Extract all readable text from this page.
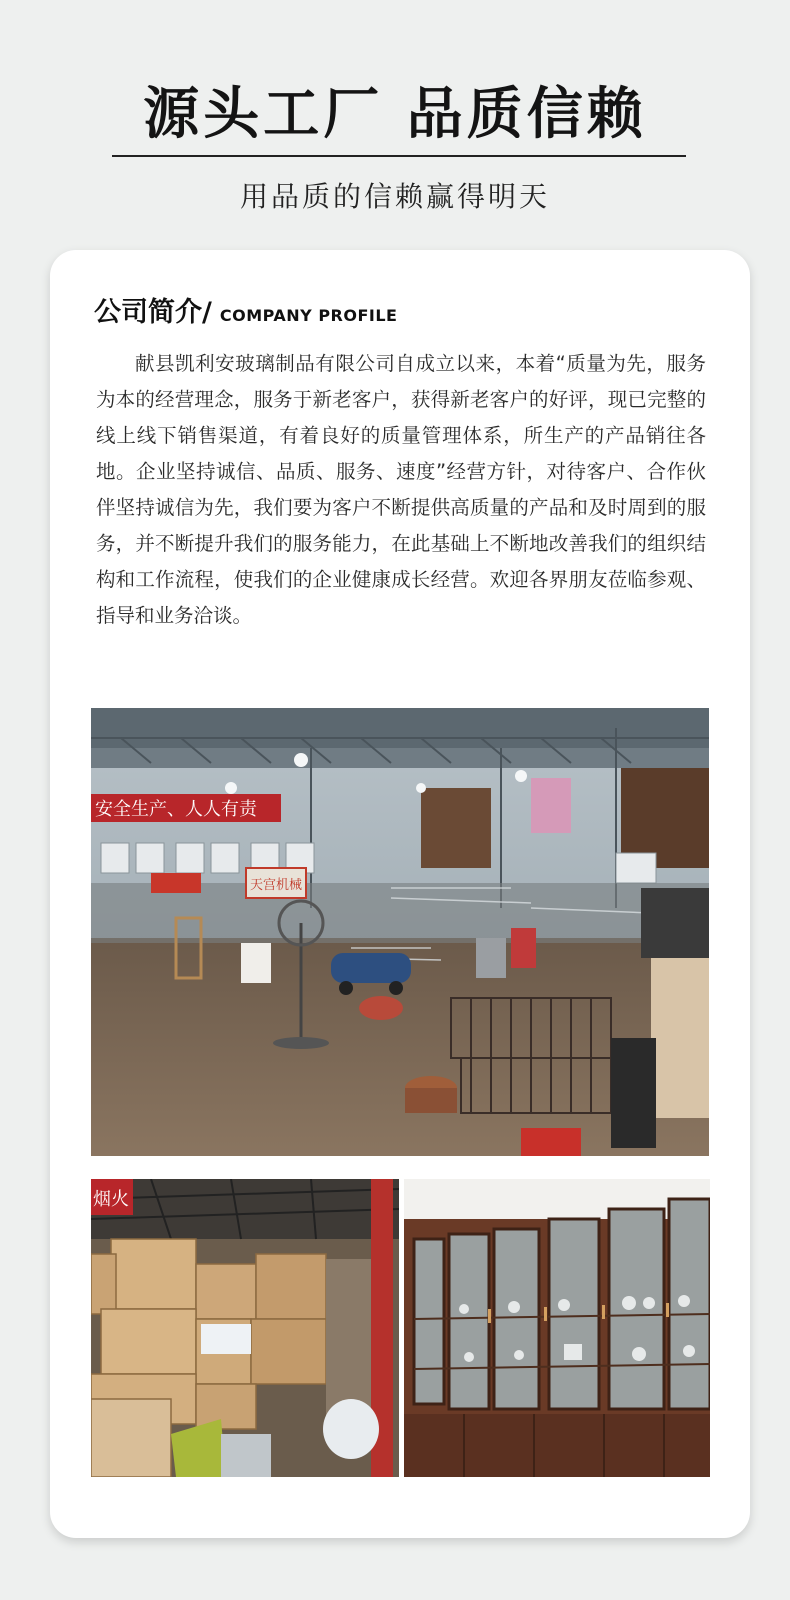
源头工厂 品质信赖
用品质的信赖赢得明天
公司简介/ COMPANY PROFILE

献县凯利安玻璃制品有限公司自成立以来，本着“质量为先，服务为本的经营理念，服务于新老客户，获得新老客户的好评，现已完整的线上线下销售渠道，有着良好的质量管理体系，所生产的产品销往各地。企业坚持诚信、品质、服务、速度”经营方针，对待客户、合作伙伴坚持诚信为先，我们要为客户不断提供高质量的产品和及时周到的服务，并不断提升我们的服务能力，在此基础上不断地改善我们的组织结构和工作流程，使我们的企业健康成长经营。欢迎各界朋友莅临参观、指导和业务洽谈。

安全生产、人人有责
天宫机械
烟火
